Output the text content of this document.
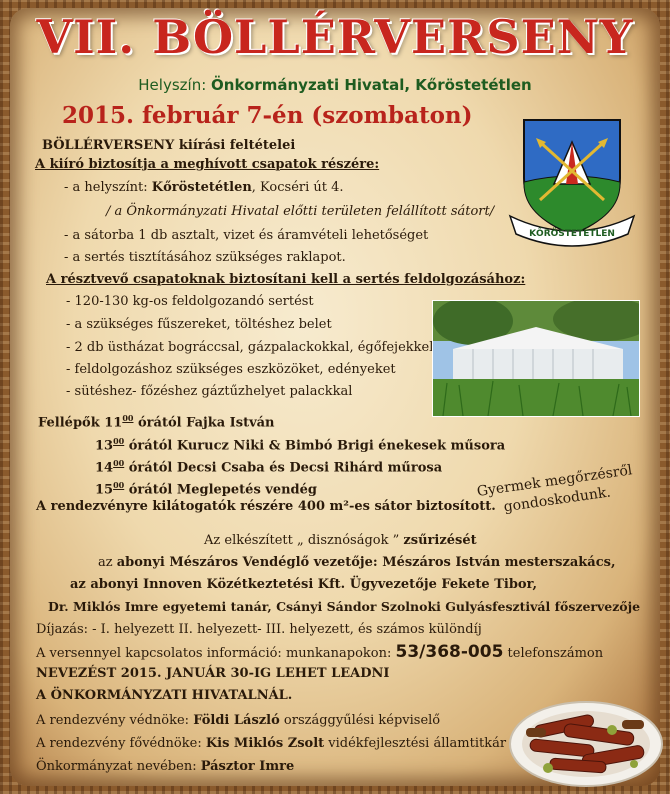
VII. BÖLLÉRVERSENY
Helyszín: Önkormányzati Hivatal, Kőröstetétlen
2015. február 7-én (szombaton)
KŐRÖSTETÉTLEN
BÖLLÉRVERSENY kiírási feltételei
A kiíró biztosítja a meghívott csapatok részére:
- a helyszínt: Kőröstetétlen, Kocséri út 4.
/ a Önkormányzati Hivatal előtti területen felállított sátort/
- a sátorba 1 db asztalt, vizet és áramvételi lehetőséget
- a sertés tisztításához szükséges raklapot.
A résztvevő csapatoknak biztosítani kell a sertés feldolgozásához:
- 120-130 kg-os feldolgozandó sertést
- a szükséges fűszereket, töltéshez belet
- 2 db üstházat bográccsal, gázpalackokkal, égőfejekkel
- feldolgozáshoz szükséges eszközöket, edényeket
- sütéshez- főzéshez gáztűzhelyet palackkal
Fellépők $11^{00}$ órától Fajka István
$13^{00}$ órától Kurucz Niki & Bimbó Brigi énekesek műsora
$14^{00}$ órától Decsi Csaba és Decsi Rihárd műrosa
$15^{00}$ órától Meglepetés vendég
A rendezvényre kilátogatók részére 400 m²-es sátor biztosított.
Gyermek megőrzésről gondoskodunk.
Az elkészített „ disznóságok ” zsűrizését
az abonyi Mészáros Vendéglő vezetője: Mészáros István mesterszakács,
az abonyi Innoven Közétkeztetési Kft. Ügyvezetője Fekete Tibor,
Dr. Miklós Imre egyetemi tanár, Csányi Sándor Szolnoki Gulyásfesztivál főszervezője
Díjazás: - I. helyezett II. helyezett- III. helyezett, és számos különdíj
A versennyel kapcsolatos információ: munkanapokon: 53/368-005 telefonszámon
NEVEZÉST 2015. JANUÁR 30-IG LEHET LEADNI
A ÖNKORMÁNYZATI HIVATALNÁL.
A rendezvény védnöke: Földi László országgyűlési képviselő
A rendezvény fővédnöke: Kis Miklós Zsolt vidékfejlesztési államtitkár
Önkormányzat nevében: Pásztor Imre
